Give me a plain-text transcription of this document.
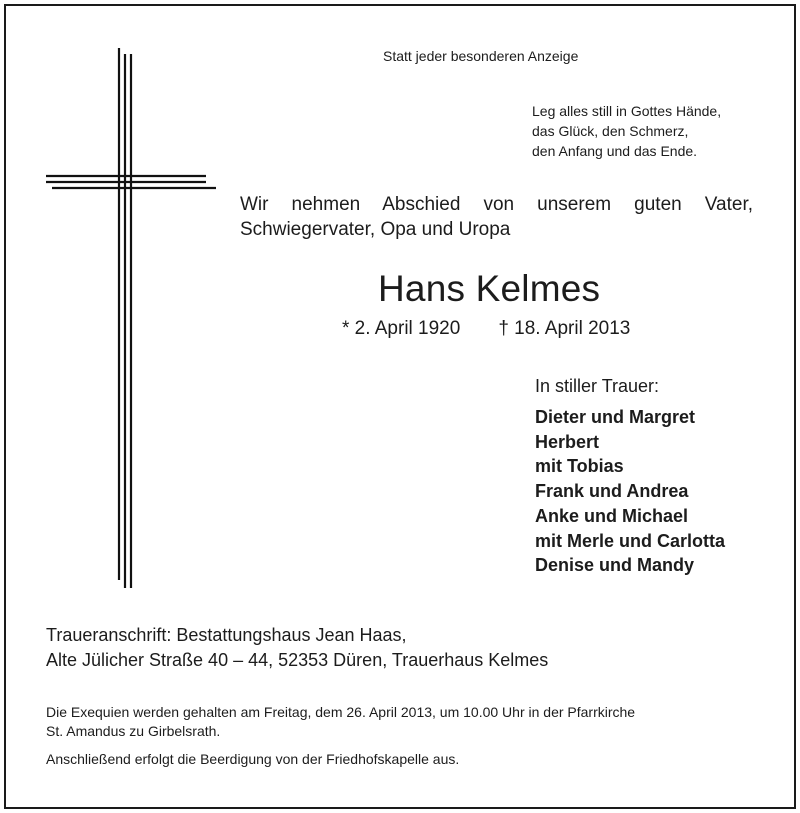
Statt jeder besonderen Anzeige
Leg alles still in Gottes Hände,
das Glück, den Schmerz,
den Anfang und das Ende.
Wir nehmen Abschied von unserem guten Vater,
Schwiegervater, Opa und Uropa
Hans Kelmes
* 2. April 1920 † 18. April 2013
In stiller Trauer:
Dieter und Margret
Herbert
mit Tobias
Frank und Andrea
Anke und Michael
mit Merle und Carlotta
Denise und Mandy
Traueranschrift: Bestattungshaus Jean Haas,
Alte Jülicher Straße 40 – 44, 52353 Düren, Trauerhaus Kelmes
Die Exequien werden gehalten am Freitag, dem 26. April 2013, um 10.00 Uhr in der Pfarrkirche
St. Amandus zu Girbelsrath.
Anschließend erfolgt die Beerdigung von der Friedhofskapelle aus.
